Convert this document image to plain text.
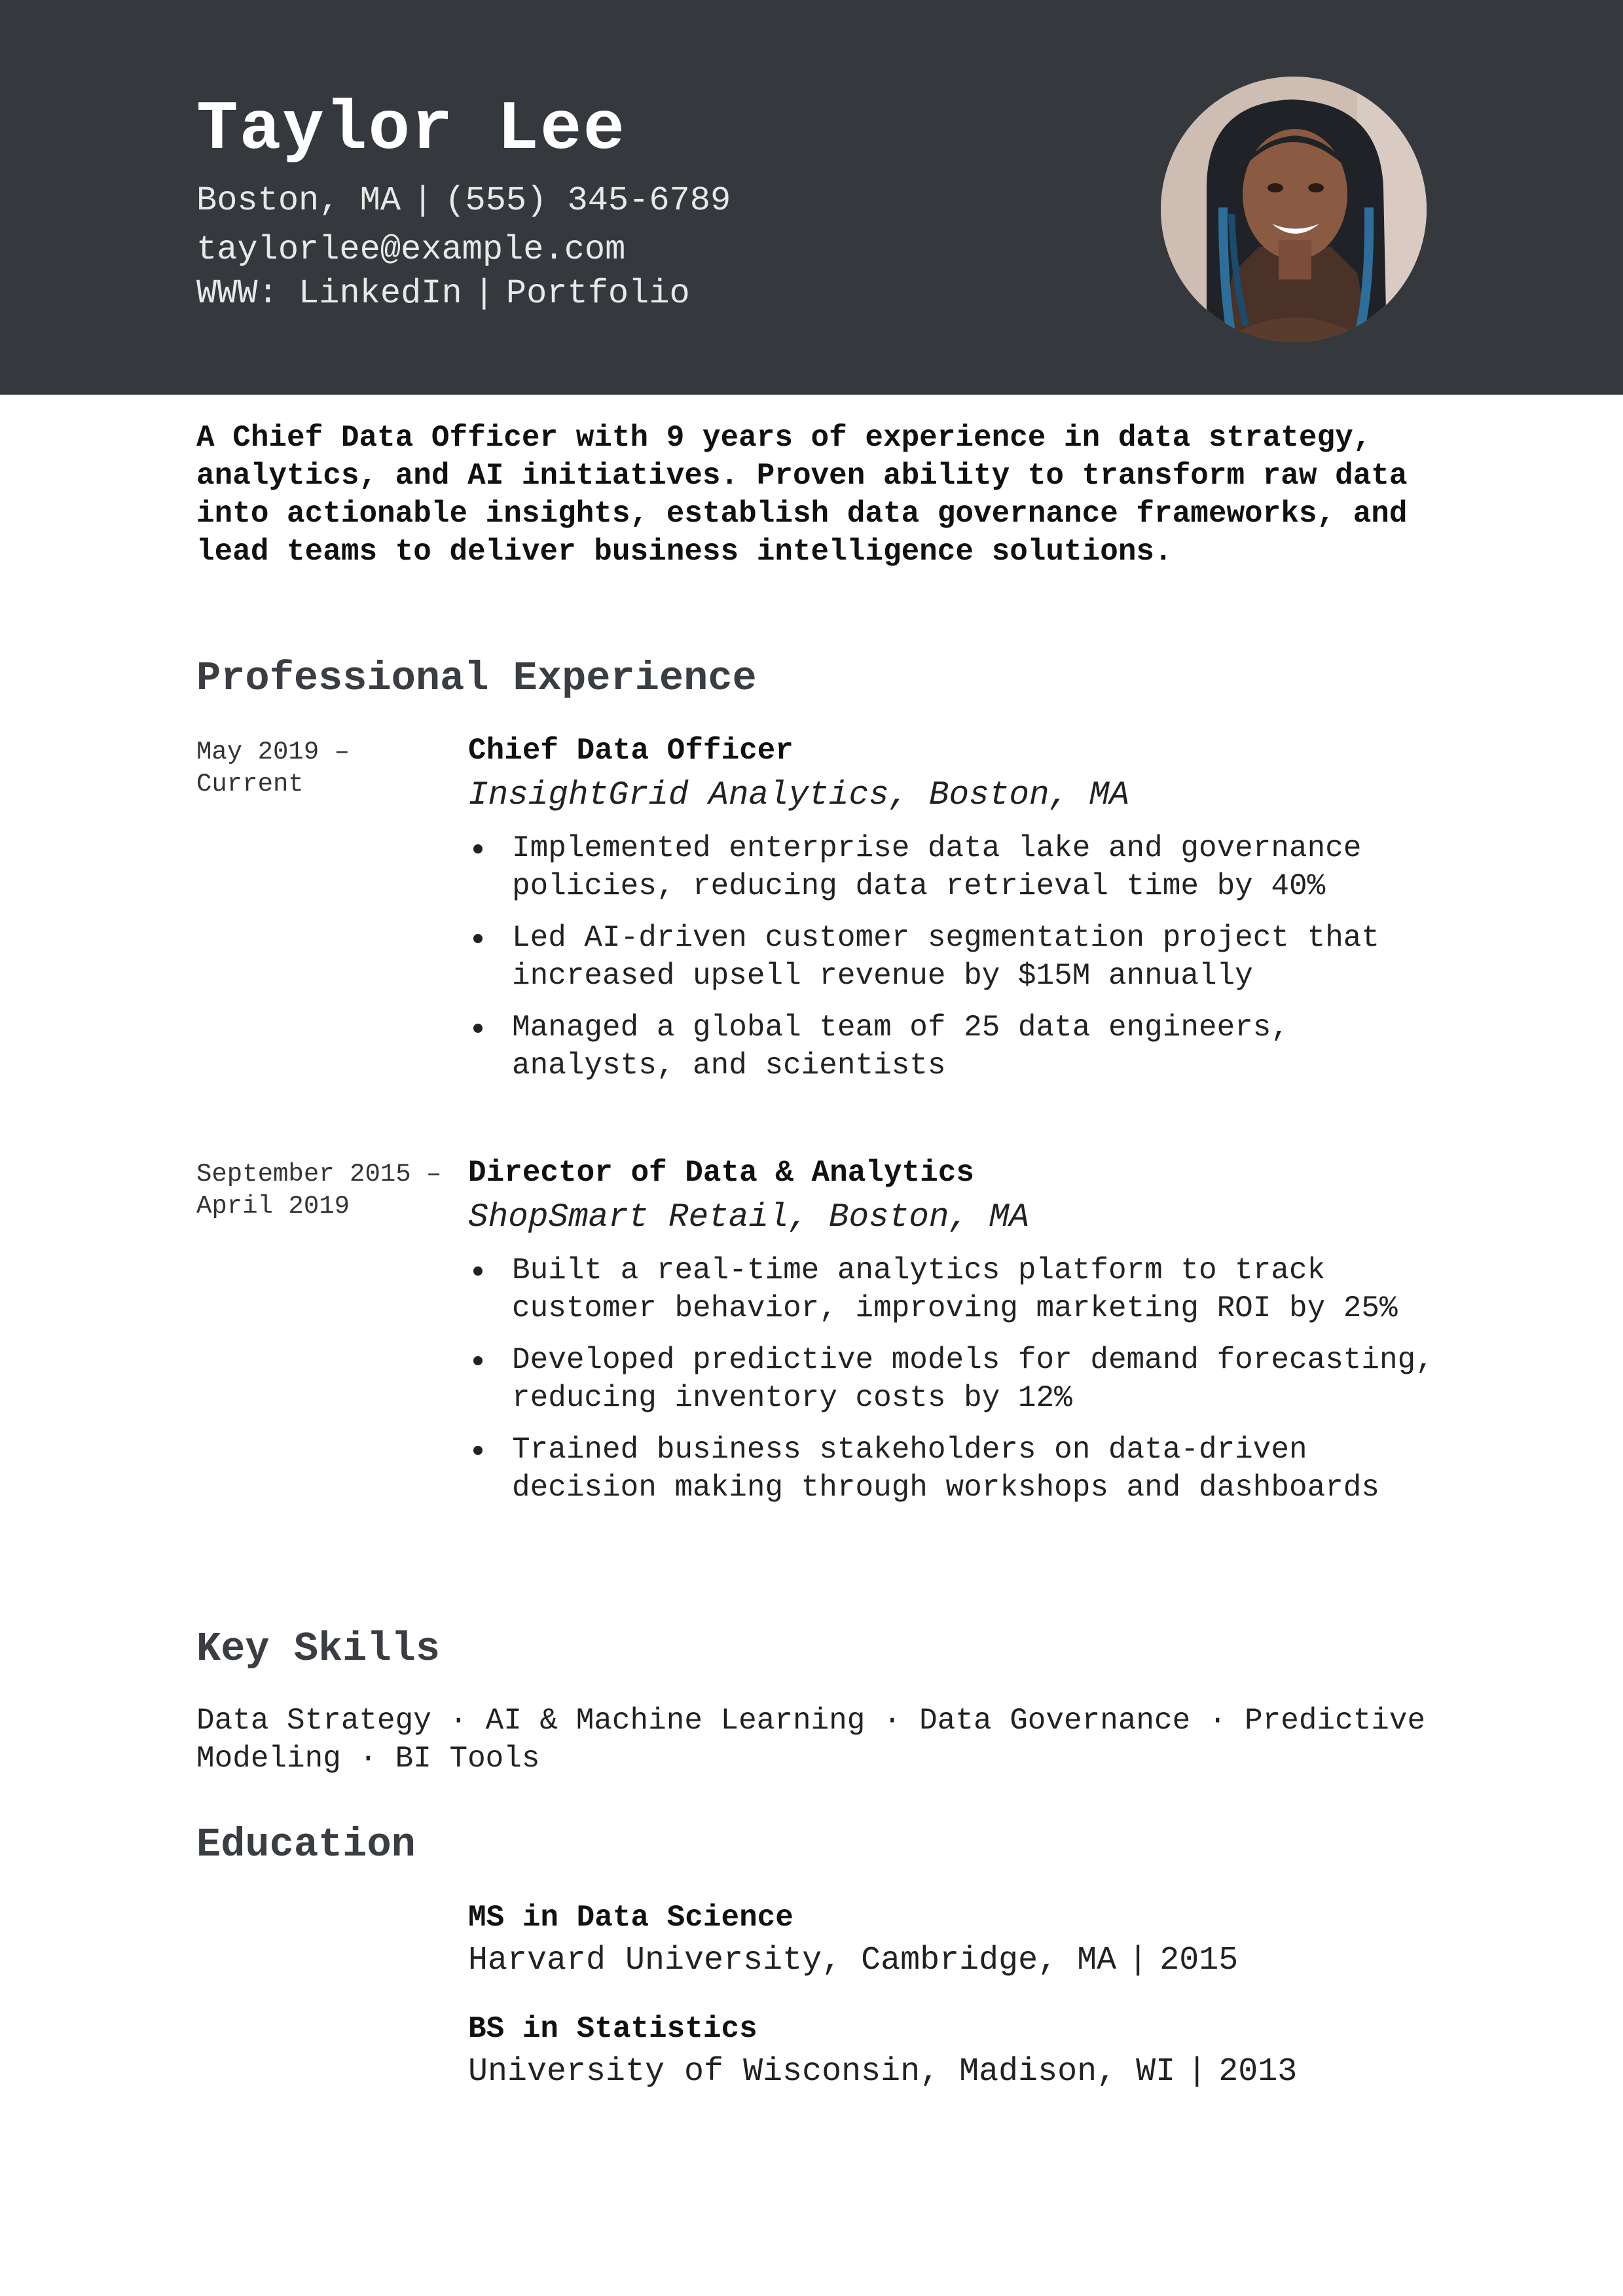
Taylor Lee
Boston, MA | (555) 345-6789
taylorlee@example.com
WWW: LinkedIn | Portfolio

A Chief Data Officer with 9 years of experience in data strategy, analytics, and AI initiatives. Proven ability to transform raw data into actionable insights, establish data governance frameworks, and lead teams to deliver business intelligence solutions.

Professional Experience
May 2019 – Current
Chief Data Officer
InsightGrid Analytics, Boston, MA
Implemented enterprise data lake and governance policies, reducing data retrieval time by 40%
Led AI-driven customer segmentation project that increased upsell revenue by $15M annually
Managed a global team of 25 data engineers, analysts, and scientists
September 2015 – April 2019
Director of Data & Analytics
ShopSmart Retail, Boston, MA
Built a real-time analytics platform to track customer behavior, improving marketing ROI by 25%
Developed predictive models for demand forecasting, reducing inventory costs by 12%
Trained business stakeholders on data-driven decision making through workshops and dashboards
Key Skills

Data Strategy · AI & Machine Learning · Data Governance · Predictive Modeling · BI Tools

Education
MS in Data Science
Harvard University, Cambridge, MA | 2015
BS in Statistics
University of Wisconsin, Madison, WI | 2013
